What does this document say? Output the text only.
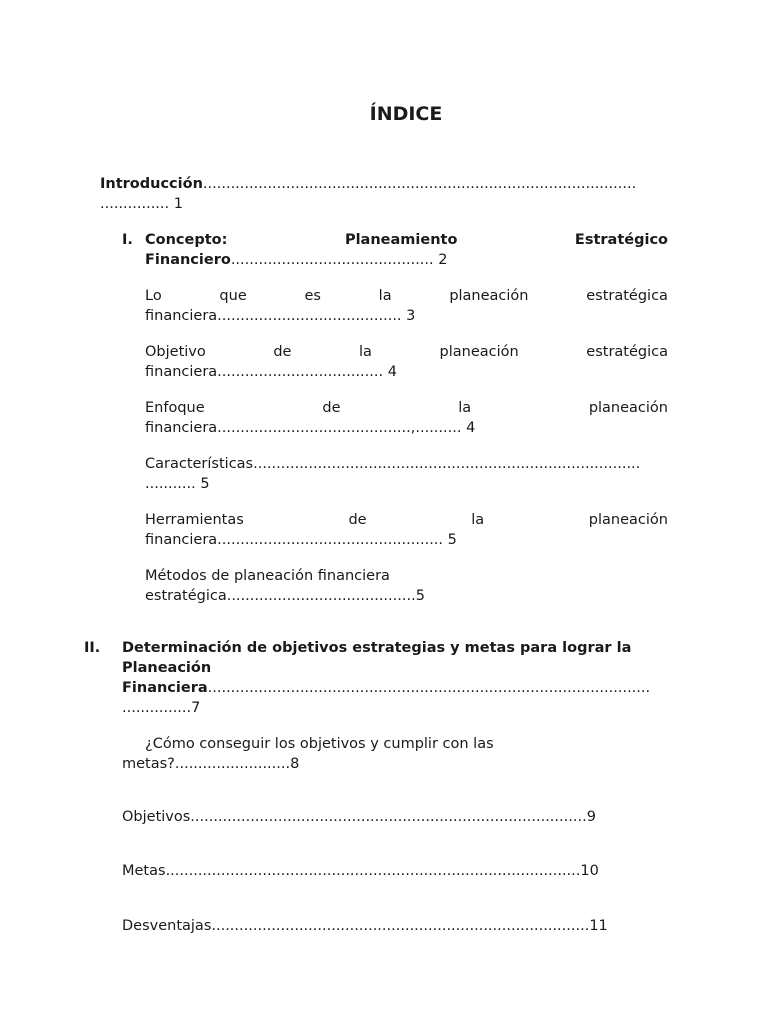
ÍNDICE
Introducción..............................................................................................
............... 1
I. Concepto:	Planeamiento	Estratégico
Financiero............................................ 2
Lo	que	es	la	planeación	estratégica
financiera........................................ 3
Objetivo	de	la	planeación	estratégica
financiera.................................... 4
Enfoque	de	la	planeación
financiera..........................................,.......... 4
Características....................................................................................
........... 5
Herramientas	de	la	planeación
financiera................................................. 5
Métodos de planeación financiera
estratégica.........................................5
II. Determinación de objetivos estrategias y metas para lograr la
Planeación
Financiera................................................................................................
...............7
¿Cómo conseguir los objetivos y cumplir con las
metas?.........................8
Objetivos......................................................................................9
Metas..........................................................................................10
Desventajas..................................................................................11
